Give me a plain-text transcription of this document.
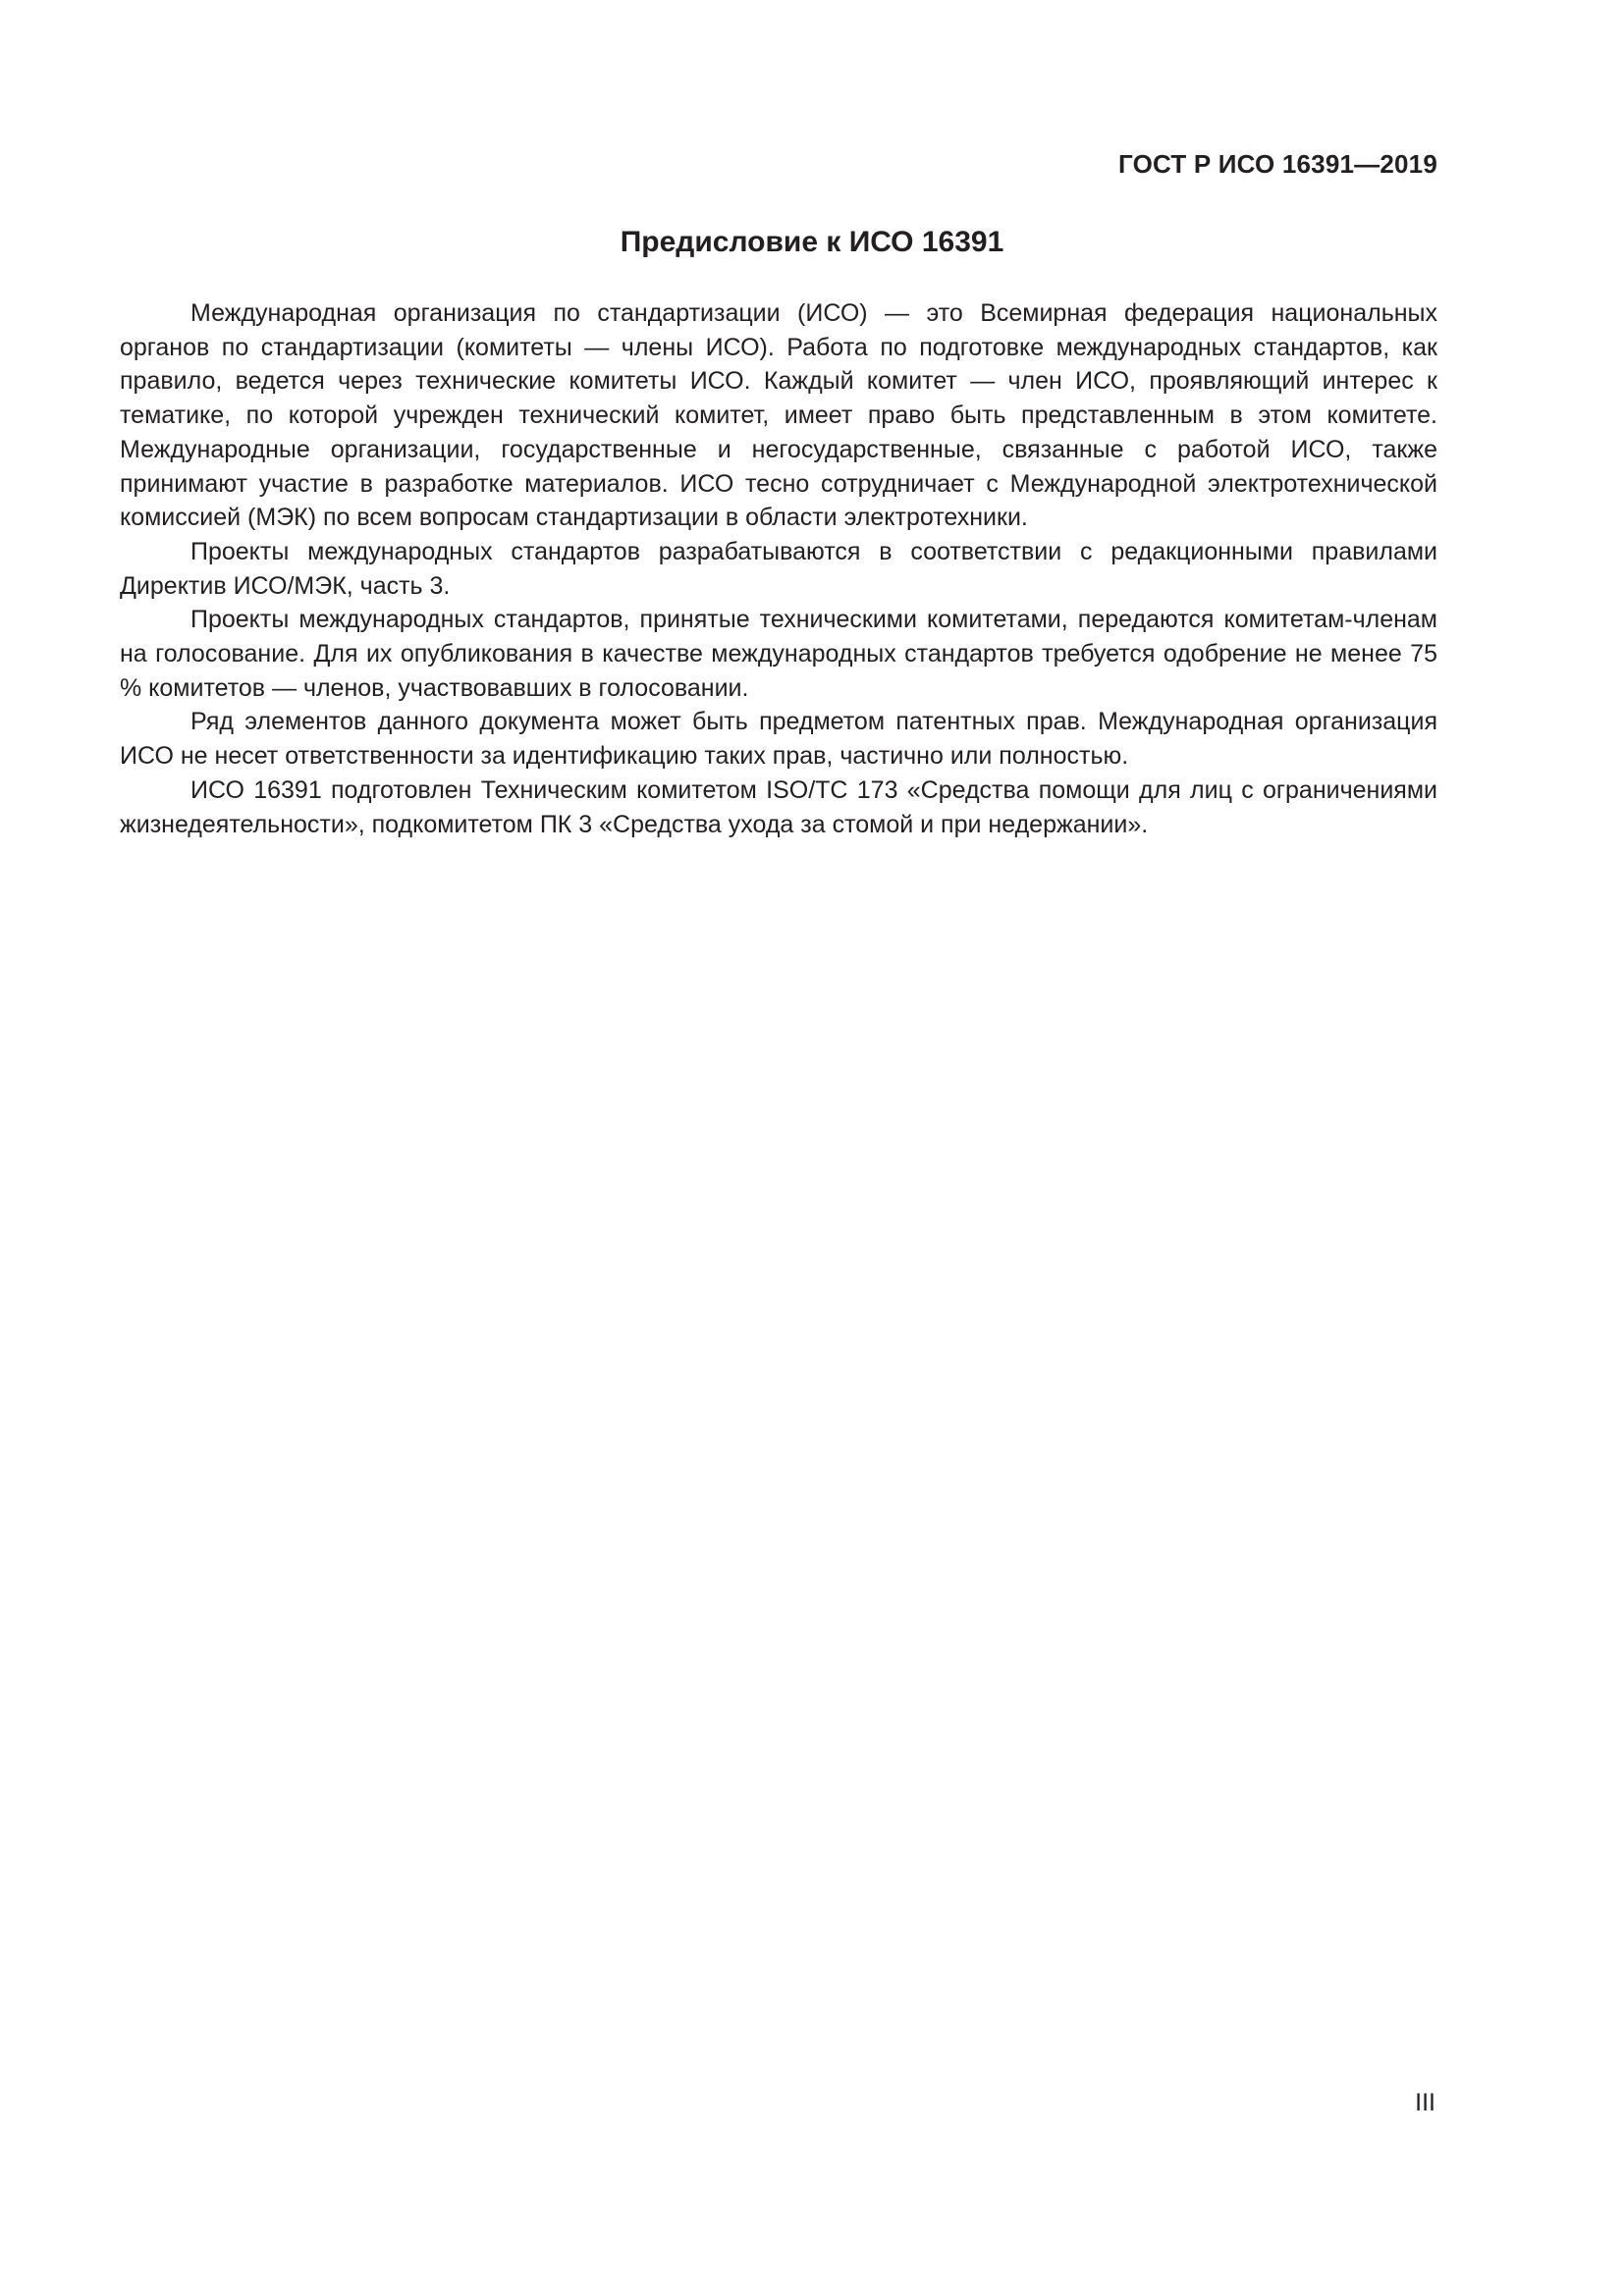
ГОСТ Р ИСО 16391—2019

Предисловие к ИСО 16391

Международная организация по стандартизации (ИСО) — это Всемирная федерация национальных органов по стандартизации (комитеты — члены ИСО). Работа по подготовке международных стандартов, как правило, ведется через технические комитеты ИСО. Каждый комитет — член ИСО, проявляющий интерес к тематике, по которой учрежден технический комитет, имеет право быть представленным в этом комитете. Международные организации, государственные и негосударственные, связанные с работой ИСО, также принимают участие в разработке материалов. ИСО тесно сотрудничает с Международной электротехнической комиссией (МЭК) по всем вопросам стандартизации в области электротехники.

Проекты международных стандартов разрабатываются в соответствии с редакционными правилами Директив ИСО/МЭК, часть 3.

Проекты международных стандартов, принятые техническими комитетами, передаются комитетам-членам на голосование. Для их опубликования в качестве международных стандартов требуется одобрение не менее 75 % комитетов — членов, участвовавших в голосовании.

Ряд элементов данного документа может быть предметом патентных прав. Международная организация ИСО не несет ответственности за идентификацию таких прав, частично или полностью.

ИСО 16391 подготовлен Техническим комитетом ISO/TC 173 «Средства помощи для лиц с ограничениями жизнедеятельности», подкомитетом ПК 3 «Средства ухода за стомой и при недержании».

III
